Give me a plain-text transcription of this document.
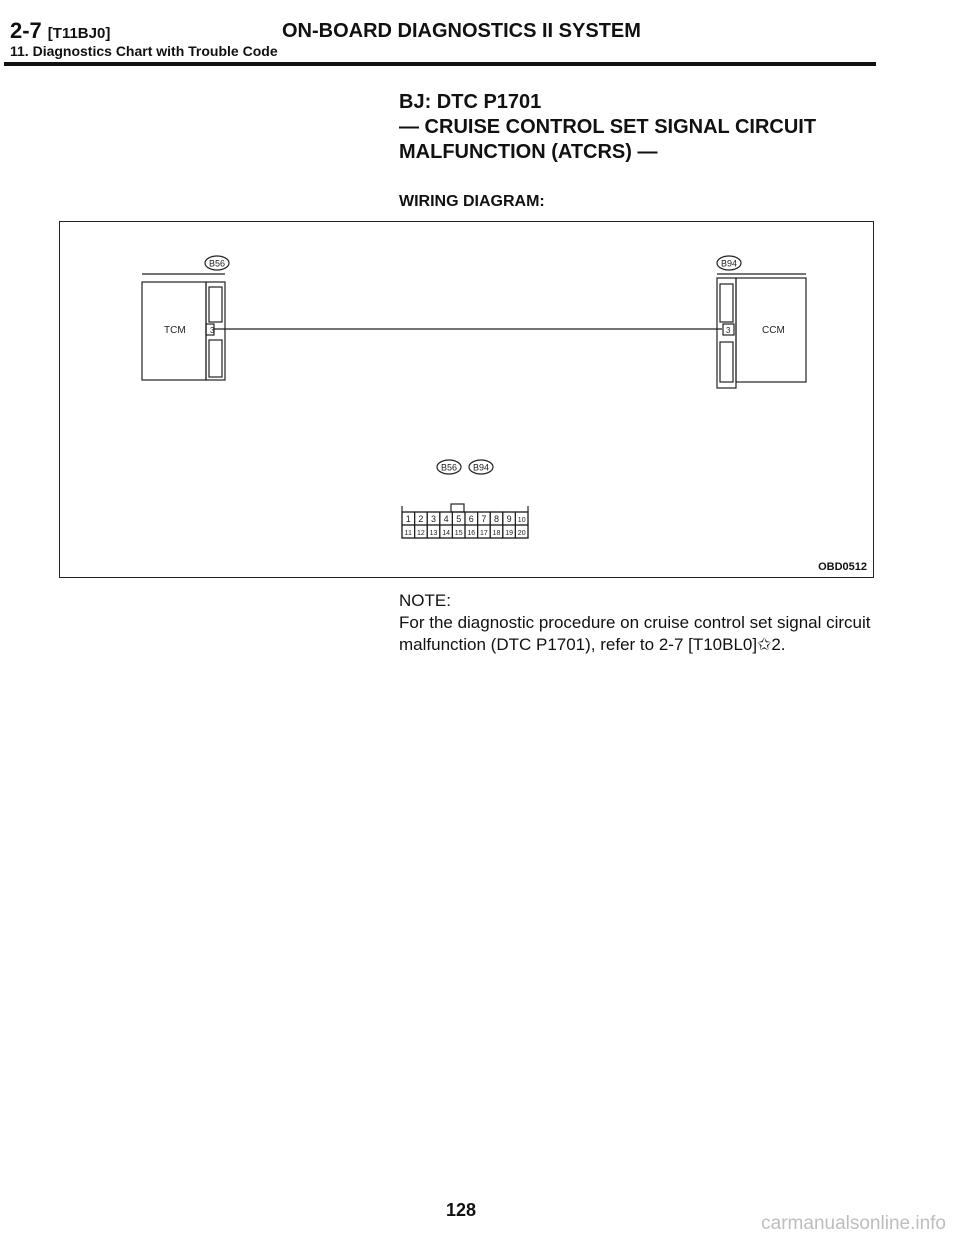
2-7 [T11BJ0]	ON-BOARD DIAGNOSTICS II SYSTEM
11. Diagnostics Chart with Trouble Code
BJ: DTC P1701
— CRUISE CONTROL SET SIGNAL CIRCUIT
MALFUNCTION (ATCRS) —
WIRING DIAGRAM:
B56
TCM	3
B94
CCM
3
B56 B94
1 2 3 4 5 6 7 8 9 10
11 12 13 14 15 16 17 18 19 20
OBD0512

NOTE:

For the diagnostic procedure on cruise control set signal circuit malfunction (DTC P1701), refer to 2-7 [T10BL0]✩2.

128
carmanualsonline.info
